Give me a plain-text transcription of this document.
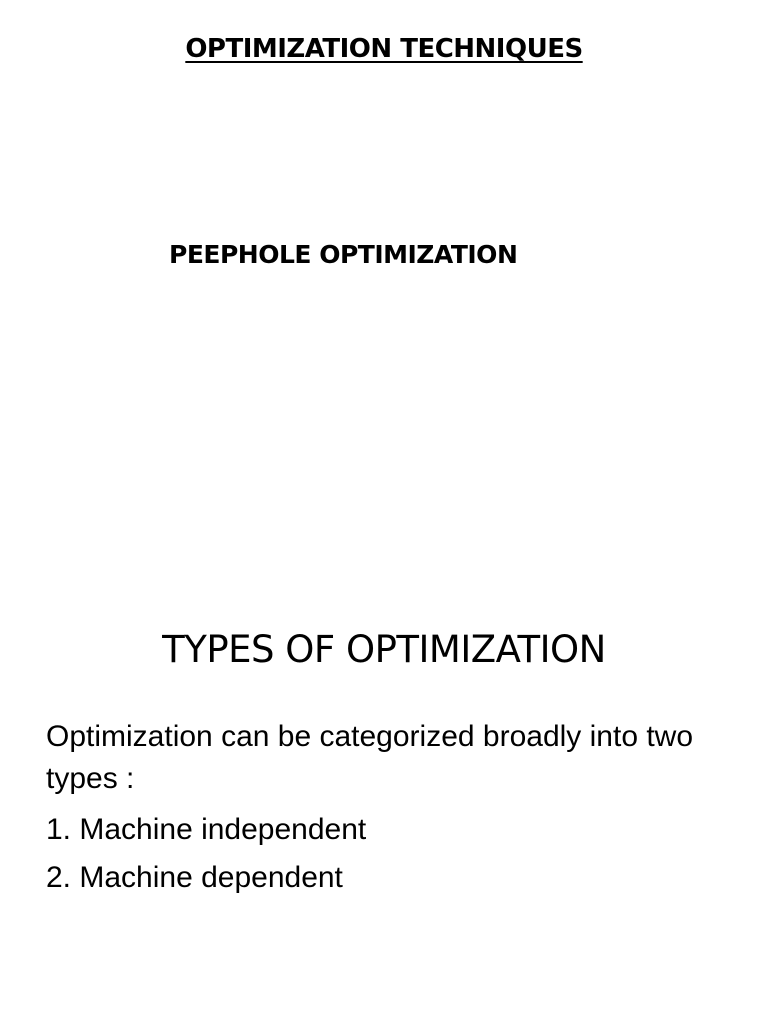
OPTIMIZATION TECHNIQUES
PEEPHOLE OPTIMIZATION
TYPES OF OPTIMIZATION

Optimization can be categorized broadly into two types :

1. Machine independent
2. Machine dependent
